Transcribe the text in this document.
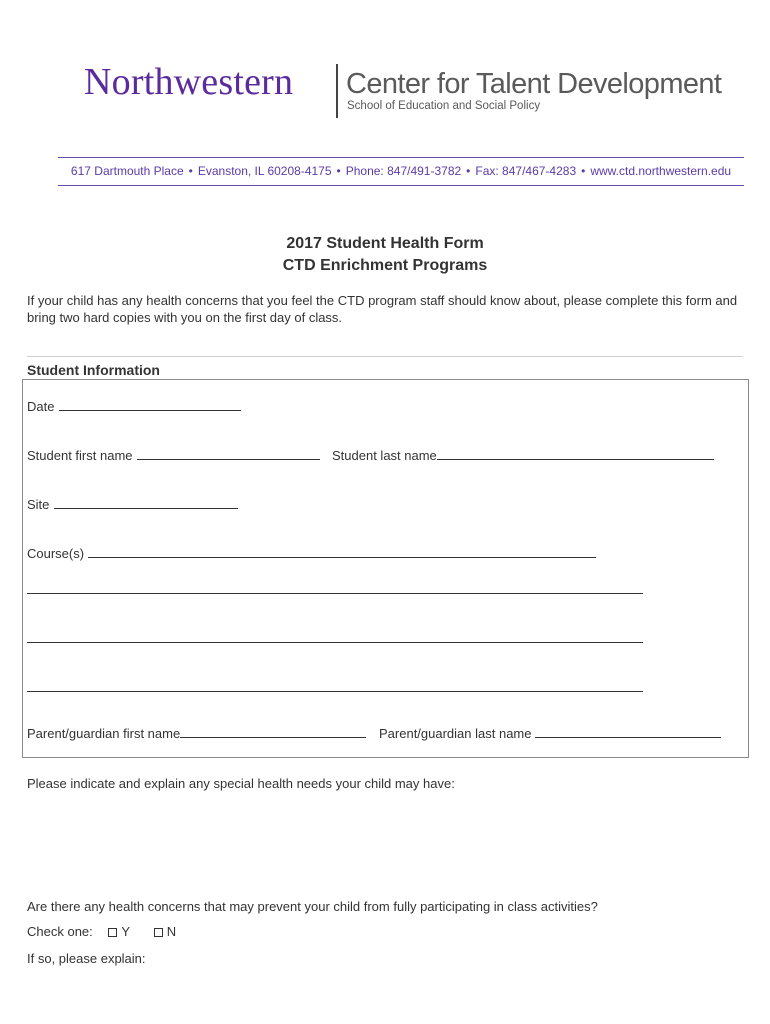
Northwestern Center for Talent Development
School of Education and Social Policy
617 Dartmouth Place • Evanston, IL 60208-4175 • Phone: 847/491-3782 • Fax: 847/467-4283 • www.ctd.northwestern.edu
2017 Student Health Form
CTD Enrichment Programs
If your child has any health concerns that you feel the CTD program staff should know about, please complete this form and bring two hard copies with you on the first day of class.
Student Information
Date
Student first name	Student last name
Site
Course(s)
Parent/guardian first name	Parent/guardian last name
Please indicate and explain any special health needs your child may have:
Are there any health concerns that may prevent your child from fully participating in class activities?
Check one: Y	N
If so, please explain:
